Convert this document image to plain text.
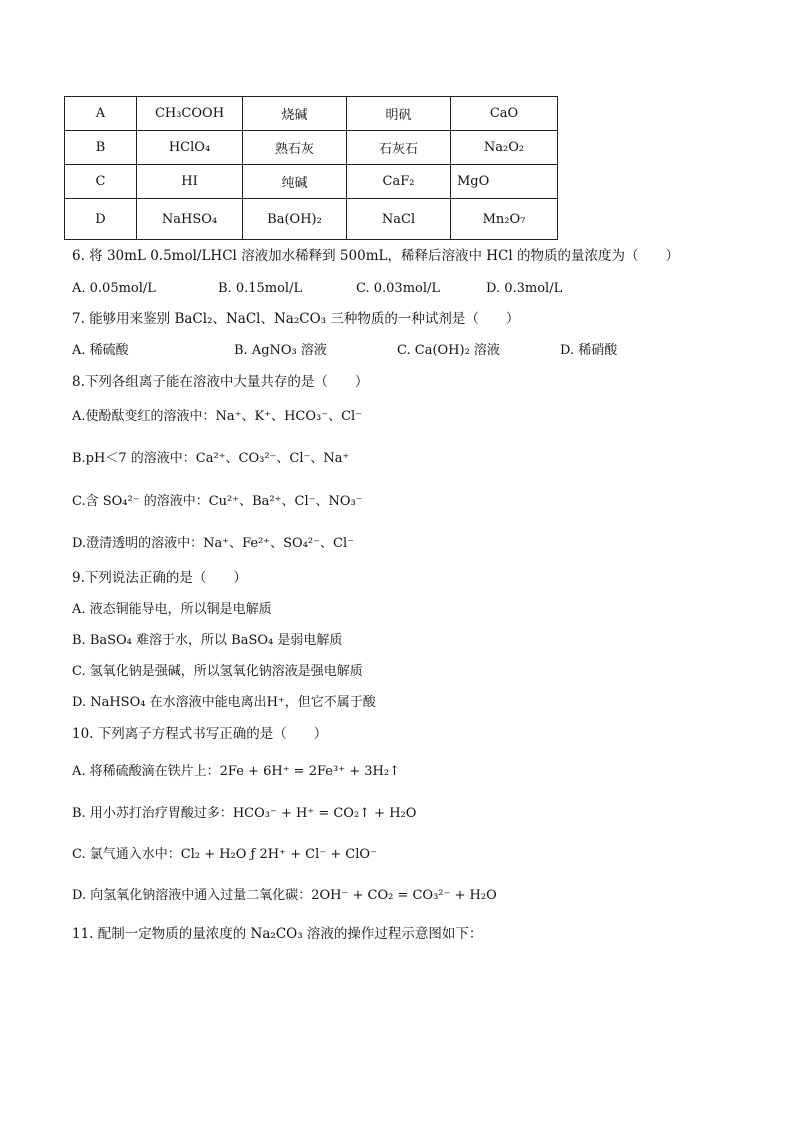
A	CH₃COOH	烧碱	明矾	CaO
B	HClO₄	熟石灰	石灰石	Na₂O₂
C	HI	纯碱	CaF₂	MgO
D	NaHSO₄	Ba(OH)₂	NaCl	Mn₂O₇
6. 将 30mL 0.5mol/LHCl 溶液加水稀释到 500mL，稀释后溶液中 HCl 的物质的量浓度为（　　）
A. 0.05mol/L	B. 0.15mol/L	C. 0.03mol/L	D. 0.3mol/L
7. 能够用来鉴别 BaCl₂、NaCl、Na₂CO₃ 三种物质的一种试剂是（　　）
A. 稀硫酸	B. AgNO₃ 溶液	C. Ca(OH)₂ 溶液	D. 稀硝酸
8.下列各组离子能在溶液中大量共存的是（　　）
A.使酚酞变红的溶液中：Na⁺、K⁺、HCO₃⁻、Cl⁻
B.pH＜7 的溶液中：Ca²⁺、CO₃²⁻、Cl⁻、Na⁺
C.含 SO₄²⁻ 的溶液中：Cu²⁺、Ba²⁺、Cl⁻、NO₃⁻
D.澄清透明的溶液中：Na⁺、Fe²⁺、SO₄²⁻、Cl⁻
9.下列说法正确的是（　　）
A. 液态铜能导电，所以铜是电解质
B. BaSO₄ 难溶于水，所以 BaSO₄ 是弱电解质
C. 氢氧化钠是强碱，所以氢氧化钠溶液是强电解质
D. NaHSO₄ 在水溶液中能电离出H⁺，但它不属于酸
10. 下列离子方程式书写正确的是（　　）
A. 将稀硫酸滴在铁片上：2Fe + 6H⁺ = 2Fe³⁺ + 3H₂↑
B. 用小苏打治疗胃酸过多：HCO₃⁻ + H⁺ = CO₂↑ + H₂O
C. 氯气通入水中：Cl₂ + H₂O ƒ 2H⁺ + Cl⁻ + ClO⁻
D. 向氢氧化钠溶液中通入过量二氧化碳：2OH⁻ + CO₂ = CO₃²⁻ + H₂O
11. 配制一定物质的量浓度的 Na₂CO₃ 溶液的操作过程示意图如下：
